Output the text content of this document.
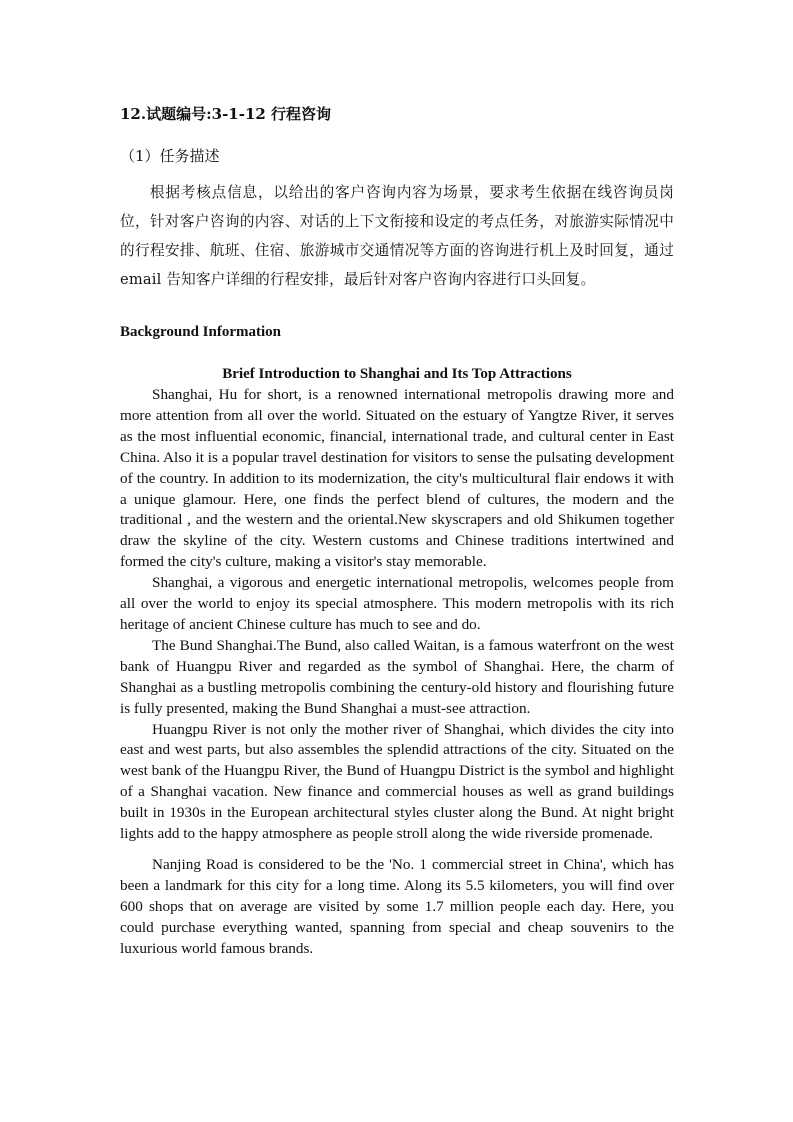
12.试题编号:3-1-12 行程咨询
（1）任务描述
根据考核点信息，以给出的客户咨询内容为场景，要求考生依据在线咨询员岗位，针对客户咨询的内容、对话的上下文衔接和设定的考点任务，对旅游实际情况中的行程安排、航班、住宿、旅游城市交通情况等方面的咨询进行机上及时回复，通过 email 告知客户详细的行程安排，最后针对客户咨询内容进行口头回复。
Background Information
Brief Introduction to Shanghai and Its Top Attractions

Shanghai, Hu for short, is a renowned international metropolis drawing more and more attention from all over the world. Situated on the estuary of Yangtze River, it serves as the most influential economic, financial, international trade, and cultural center in East China. Also it is a popular travel destination for visitors to sense the pulsating development of the country. In addition to its modernization, the city's multicultural flair endows it with a unique glamour. Here, one finds the perfect blend of cultures, the modern and the traditional , and the western and the oriental.New skyscrapers and old Shikumen together draw the skyline of the city. Western customs and Chinese traditions intertwined and formed the city's culture, making a visitor's stay memorable.

Shanghai, a vigorous and energetic international metropolis, welcomes people from all over the world to enjoy its special atmosphere. This modern metropolis with its rich heritage of ancient Chinese culture has much to see and do.

The Bund Shanghai.The Bund, also called Waitan, is a famous waterfront on the west bank of Huangpu River and regarded as the symbol of Shanghai. Here, the charm of Shanghai as a bustling metropolis combining the century-old history and flourishing future is fully presented, making the Bund Shanghai a must-see attraction.

Huangpu River is not only the mother river of Shanghai, which divides the city into east and west parts, but also assembles the splendid attractions of the city. Situated on the west bank of the Huangpu River, the Bund of Huangpu District is the symbol and highlight of a Shanghai vacation. New finance and commercial houses as well as grand buildings built in 1930s in the European architectural styles cluster along the Bund. At night bright lights add to the happy atmosphere as people stroll along the wide riverside promenade.

Nanjing Road is considered to be the 'No. 1 commercial street in China', which has been a landmark for this city for a long time. Along its 5.5 kilometers, you will find over 600 shops that on average are visited by some 1.7 million people each day. Here, you could purchase everything wanted, spanning from special and cheap souvenirs to the luxurious world famous brands.
